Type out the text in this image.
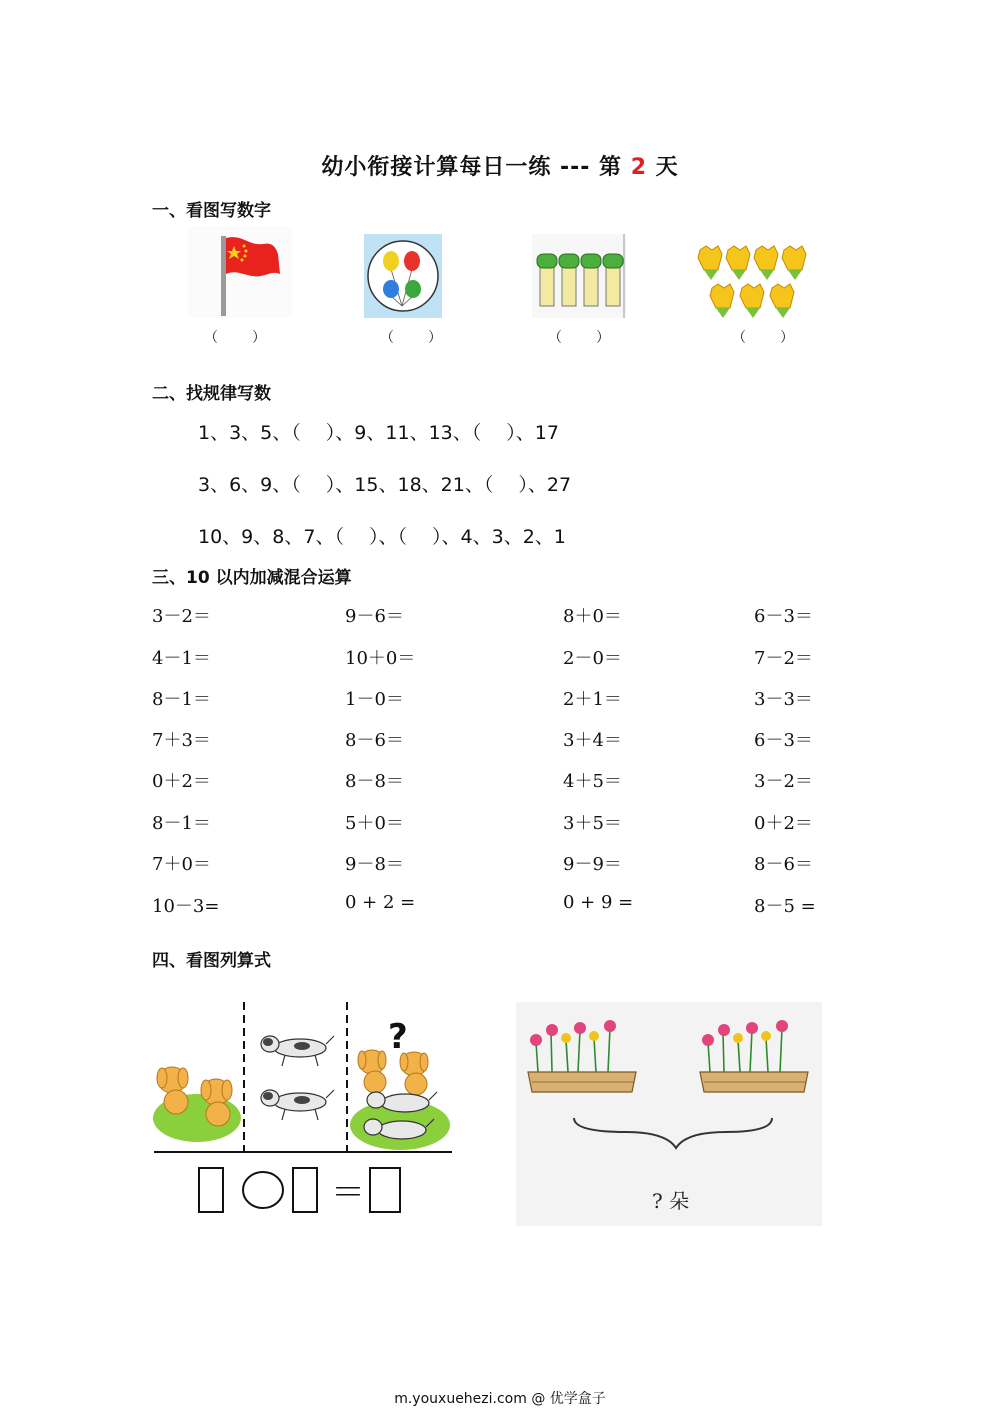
幼小衔接计算每日一练 --- 第 2 天
一、看图写数字
（　　）	（　　）	（　　）	（　　）
二、找规律写数
1、3、5、（　 ）、9、11、13、（　 ）、17
3、6、9、（　 ）、15、18、21、（　 ）、27
10、9、8、7、（　 ）、（　 ）、4、3、2、1
三、10 以内加减混合运算
3－2＝	9－6＝	8＋0＝	6－3＝
4－1＝	10＋0＝	2－0＝	7－2＝
8－1＝	1－0＝	2＋1＝	3－3＝
7＋3＝	8－6＝	3＋4＝	6－3＝
0＋2＝	8－8＝	4＋5＝	3－2＝
8－1＝	5＋0＝	3＋5＝	0＋2＝
7＋0＝	9－8＝	9－9＝	8－6＝
10－3=	0 + 2 =	0 + 9 =	8－5 =
四、看图列算式
?
＝	? 朵
m.youxuehezi.com @ 优学盒子
